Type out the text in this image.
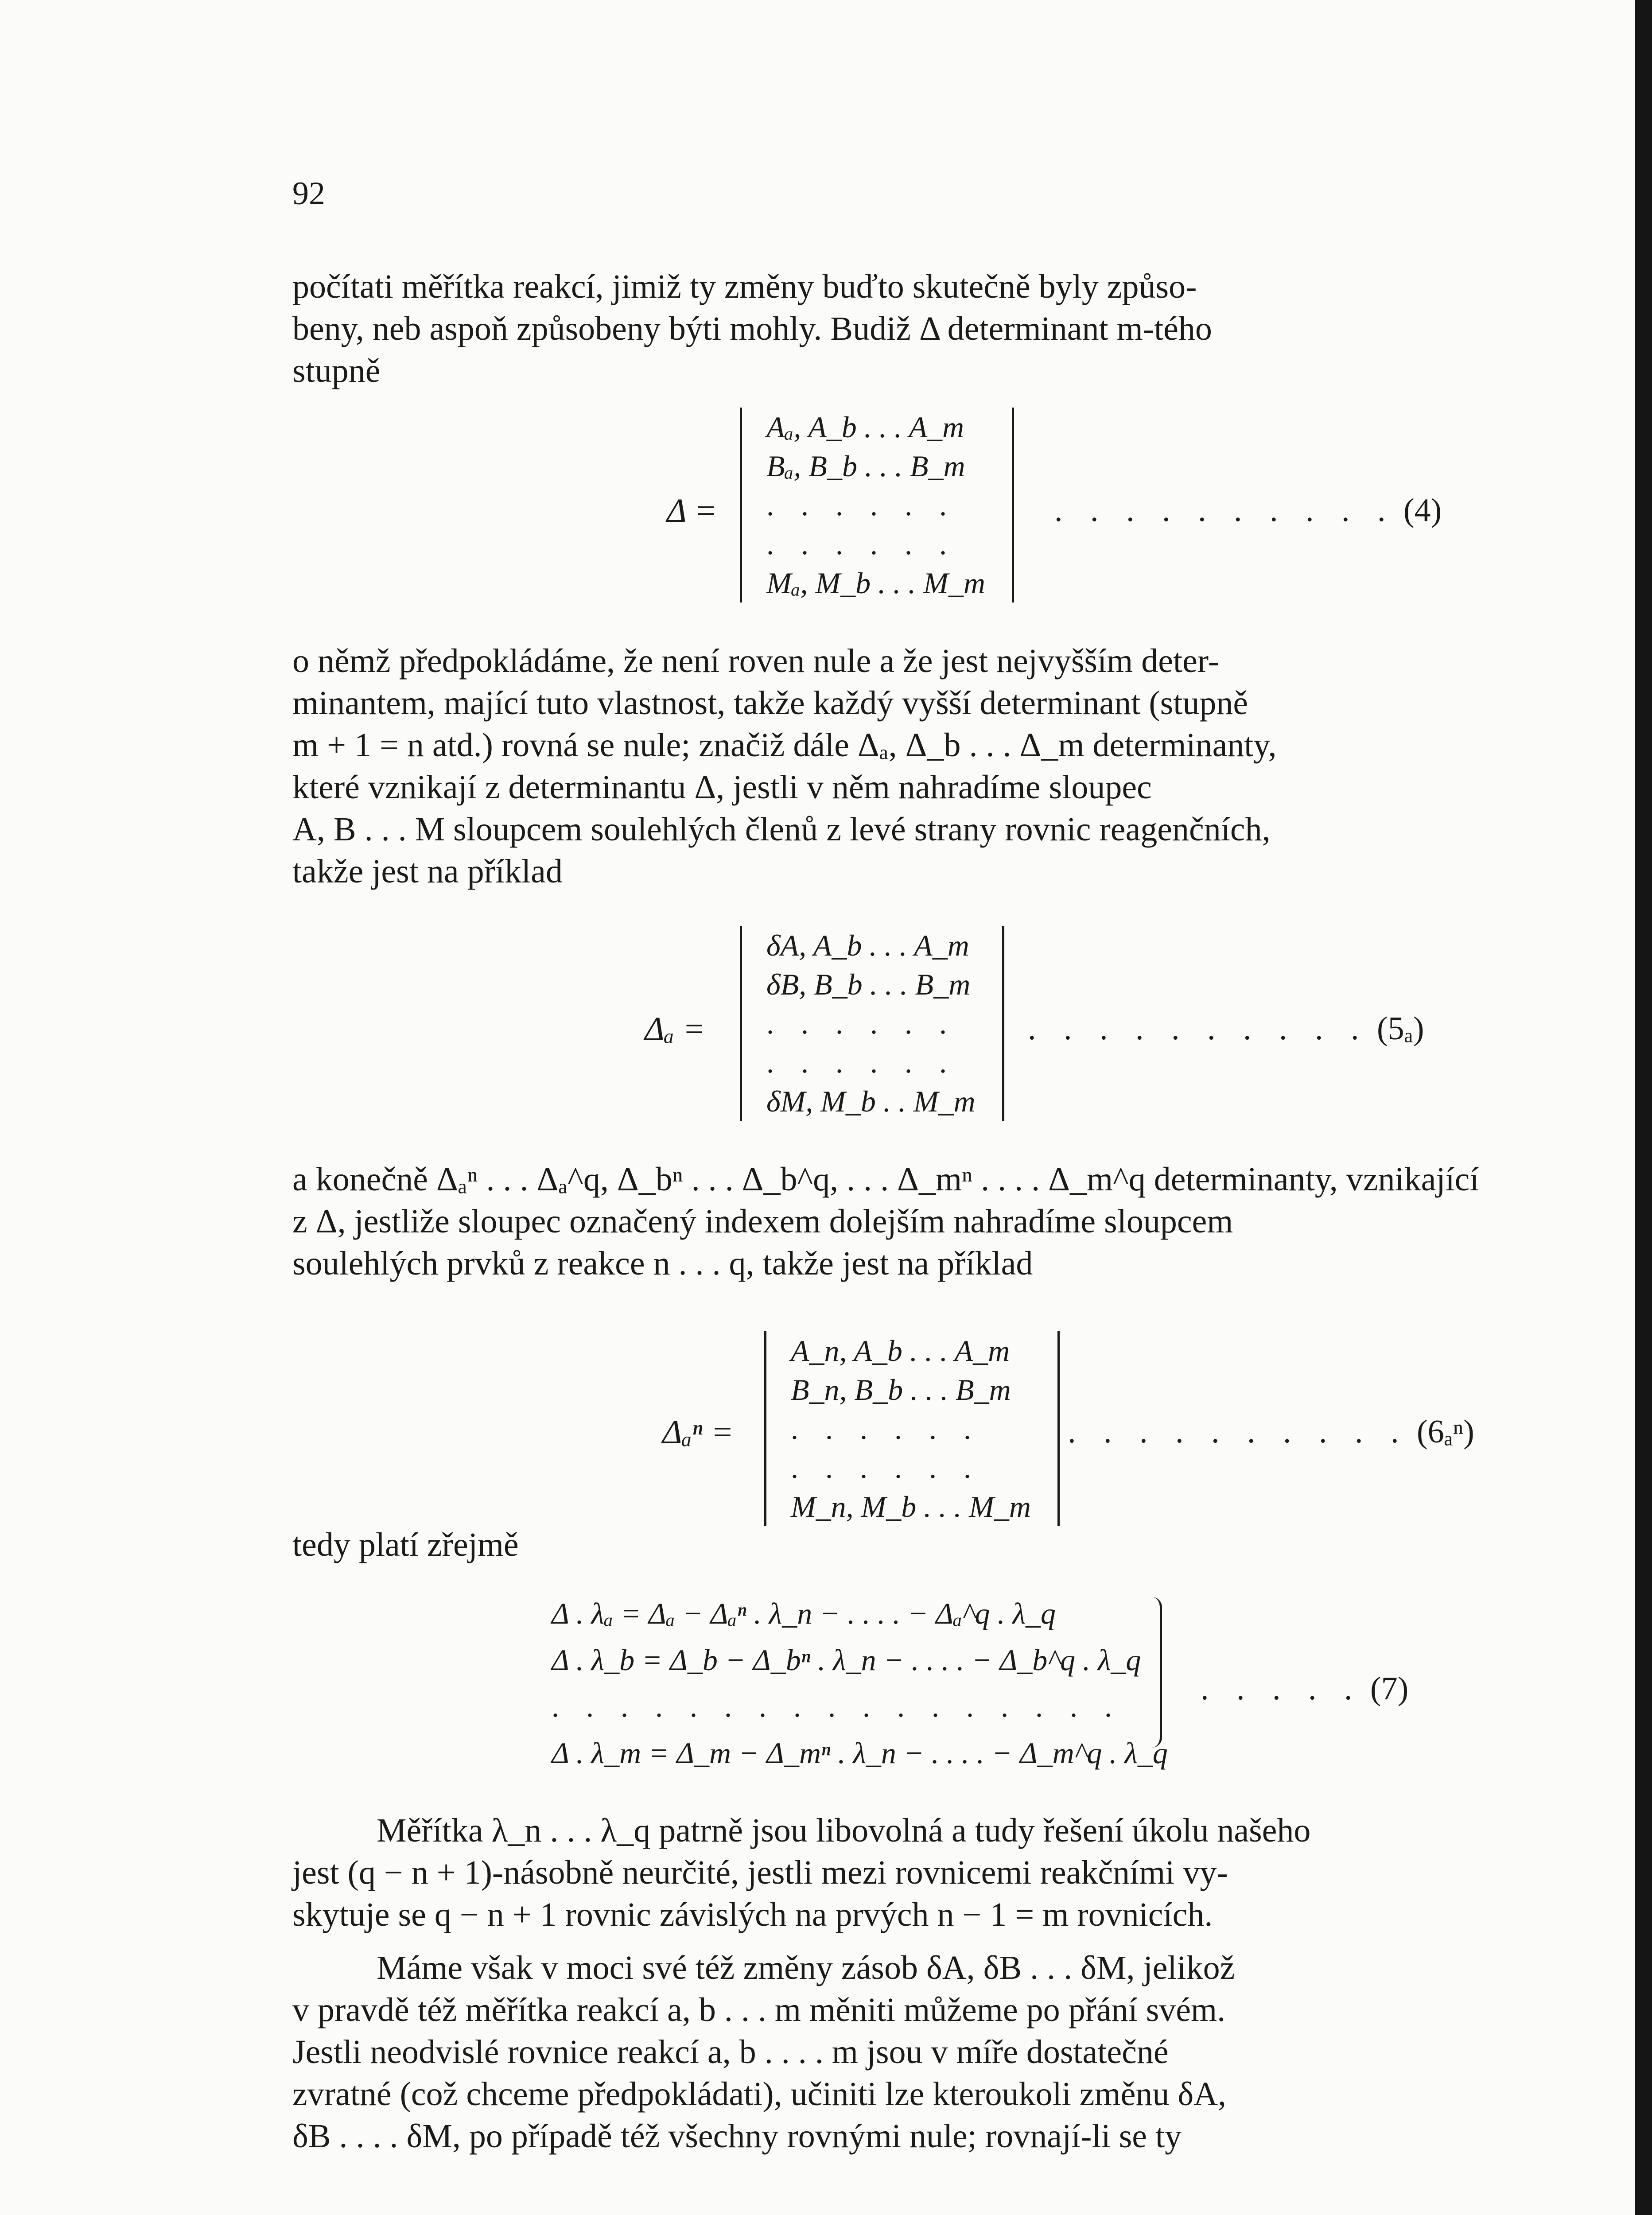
92
počítati měřítka reakcí, jimiž ty změny buďto skutečně byly způso-
beny, neb aspoň způsobeny býti mohly. Budiž Δ determinant m-tého
stupně
Δ =
Aₐ, A_b . . . A_m
Bₐ, B_b . . . B_m
. . . . . .
. . . . . .
Mₐ, M_b . . . M_m
. . . . . . . . . . (4)
o němž předpokládáme, že není roven nule a že jest nejvyšším deter-
minantem, mající tuto vlastnost, takže každý vyšší determinant (stupně
m + 1 = n atd.) rovná se nule; značiž dále Δₐ, Δ_b . . . Δ_m determinanty,
které vznikají z determinantu Δ, jestli v něm nahradíme sloupec
A, B . . . M sloupcem soulehlých členů z levé strany rovnic reagenčních,
takže jest na příklad
Δₐ =
δA, A_b . . . A_m
δB, B_b . . . B_m
. . . . . .
. . . . . .
δM, M_b . . M_m
. . . . . . . . . . (5ₐ)
a konečně Δₐⁿ . . . Δₐ^q, Δ_bⁿ . . . Δ_b^q, . . . Δ_mⁿ . . . . Δ_m^q determinanty, vznikající
z Δ, jestliže sloupec označený indexem dolejším nahradíme sloupcem
soulehlých prvků z reakce n . . . q, takže jest na příklad
Δₐⁿ =
A_n, A_b . . . A_m
B_n, B_b . . . B_m
. . . . . .
. . . . . .
M_n, M_b . . . M_m
. . . . . . . . . . (6ₐⁿ)
tedy platí zřejmě
Δ . λₐ = Δₐ − Δₐⁿ . λ_n − . . . . − Δₐ^q . λ_q
Δ . λ_b = Δ_b − Δ_bⁿ . λ_n − . . . . − Δ_b^q . λ_q
. . . . . . . . . . . . . . . . .
Δ . λ_m = Δ_m − Δ_mⁿ . λ_n − . . . . − Δ_m^q . λ_q
. . . . . (7)
Měřítka λ_n . . . λ_q patrně jsou libovolná a tudy řešení úkolu našeho
jest (q − n + 1)-násobně neurčité, jestli mezi rovnicemi reakčními vy-
skytuje se q − n + 1 rovnic závislých na prvých n − 1 = m rovnicích.
Máme však v moci své též změny zásob δA, δB . . . δM, jelikož
v pravdě též měřítka reakcí a, b . . . m měniti můžeme po přání svém.
Jestli neodvislé rovnice reakcí a, b . . . . m jsou v míře dostatečné
zvratné (což chceme předpokládati), učiniti lze kteroukoli změnu δA,
δB . . . . δM, po případě též všechny rovnými nule; rovnají-li se ty
